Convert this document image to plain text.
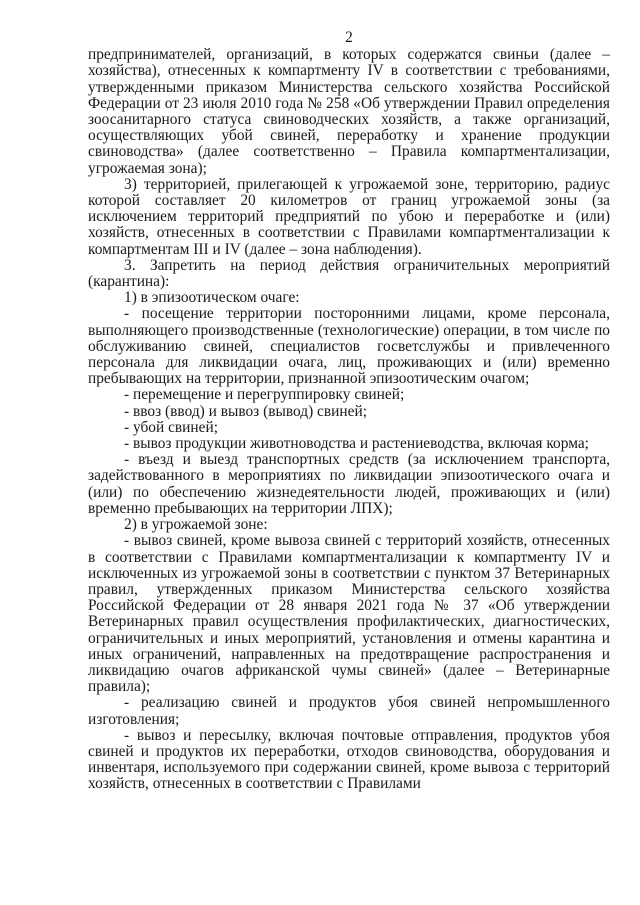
2

предпринимателей, организаций, в которых содержатся свиньи (далее – хозяйства), отнесенных к компартменту IV в соответствии с требованиями, утвержденными приказом Министерства сельского хозяйства Российской Федерации от 23 июля 2010 года № 258 «Об утверждении Правил определения зоосанитарного статуса свиноводческих хозяйств, а также организаций, осуществляющих убой свиней, переработку и хранение продукции свиноводства» (далее соответственно – Правила компартментализации, угрожаемая зона);

3) территорией, прилегающей к угрожаемой зоне, территорию, радиус которой составляет 20 километров от границ угрожаемой зоны (за исключением территорий предприятий по убою и переработке и (или) хозяйств, отнесенных в соответствии с Правилами компартментализации к компартментам III и IV (далее – зона наблюдения).

3. Запретить на период действия ограничительных мероприятий (карантина):

1) в эпизоотическом очаге:

- посещение территории посторонними лицами, кроме персонала, выполняющего производственные (технологические) операции, в том числе по обслуживанию свиней, специалистов госветслужбы и привлеченного персонала для ликвидации очага, лиц, проживающих и (или) временно пребывающих на территории, признанной эпизоотическим очагом;

- перемещение и перегруппировку свиней;

- ввоз (ввод) и вывоз (вывод) свиней;

- убой свиней;

- вывоз продукции животноводства и растениеводства, включая корма;

- въезд и выезд транспортных средств (за исключением транспорта, задействованного в мероприятиях по ликвидации эпизоотического очага и (или) по обеспечению жизнедеятельности людей, проживающих и (или) временно пребывающих на территории ЛПХ);

2) в угрожаемой зоне:

- вывоз свиней, кроме вывоза свиней с территорий хозяйств, отнесенных в соответствии с Правилами компартментализации к компартменту IV и исключенных из угрожаемой зоны в соответствии с пунктом 37 Ветеринарных правил, утвержденных приказом Министерства сельского хозяйства Российской Федерации от 28 января 2021 года № 37 «Об утверждении Ветеринарных правил осуществления профилактических, диагностических, ограничительных и иных мероприятий, установления и отмены карантина и иных ограничений, направленных на предотвращение распространения и ликвидацию очагов африканской чумы свиней» (далее – Ветеринарные правила);

- реализацию свиней и продуктов убоя свиней непромышленного изготовления;

- вывоз и пересылку, включая почтовые отправления, продуктов убоя свиней и продуктов их переработки, отходов свиноводства, оборудования и инвентаря, используемого при содержании свиней, кроме вывоза с территорий хозяйств, отнесенных в соответствии с Правилами
